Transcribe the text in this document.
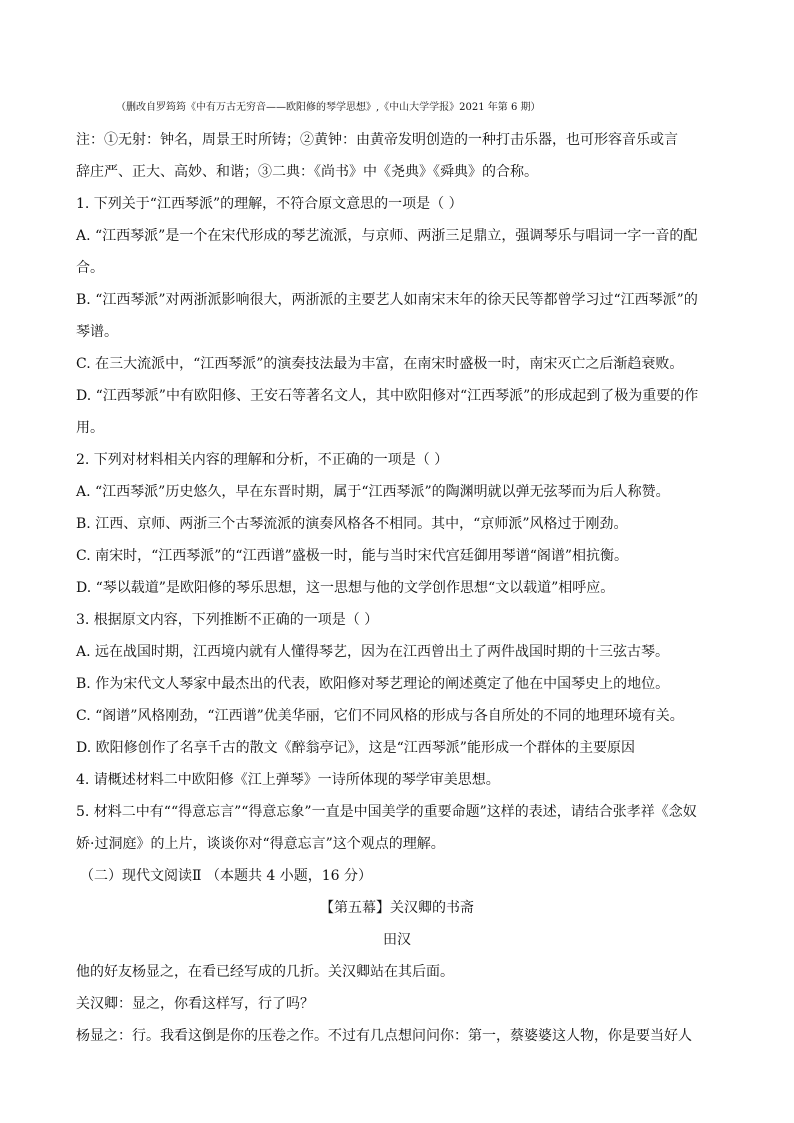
（删改自罗筠筠《中有万古无穷音——欧阳修的琴学思想》,《中山大学学报》2021 年第 6 期）
注：①无射：钟名，周景王时所铸；②黄钟：由黄帝发明创造的一种打击乐器，也可形容音乐或言
辞庄严、正大、高妙、和谐；③二典：《尚书》中《尧典》《舜典》的合称。
1. 下列关于“江西琴派”的理解，不符合原文意思的一项是（ ）
A. “江西琴派”是一个在宋代形成的琴艺流派，与京师、两浙三足鼎立，强调琴乐与唱词一字一音的配
合。
B. “江西琴派”对两浙派影响很大，两浙派的主要艺人如南宋末年的徐天民等都曾学习过“江西琴派”的
琴谱。
C. 在三大流派中，“江西琴派”的演奏技法最为丰富，在南宋时盛极一时，南宋灭亡之后渐趋衰败。
D. “江西琴派”中有欧阳修、王安石等著名文人，其中欧阳修对“江西琴派”的形成起到了极为重要的作
用。
2. 下列对材料相关内容的理解和分析，不正确的一项是（ ）
A. “江西琴派”历史悠久，早在东晋时期，属于“江西琴派”的陶渊明就以弹无弦琴而为后人称赞。
B. 江西、京师、两浙三个古琴流派的演奏风格各不相同。其中，“京师派”风格过于刚劲。
C. 南宋时，“江西琴派”的“江西谱”盛极一时，能与当时宋代宫廷御用琴谱“阁谱”相抗衡。
D. “琴以载道”是欧阳修的琴乐思想，这一思想与他的文学创作思想“文以载道”相呼应。
3. 根据原文内容，下列推断不正确的一项是（ ）
A. 远在战国时期，江西境内就有人懂得琴艺，因为在江西曾出土了两件战国时期的十三弦古琴。
B. 作为宋代文人琴家中最杰出的代表，欧阳修对琴艺理论的阐述奠定了他在中国琴史上的地位。
C. “阁谱”风格刚劲，“江西谱”优美华丽，它们不同风格的形成与各自所处的不同的地理环境有关。
D. 欧阳修创作了名享千古的散文《醉翁亭记》，这是“江西琴派”能形成一个群体的主要原因
4. 请概述材料二中欧阳修《江上弹琴》一诗所体现的琴学审美思想。
5. 材料二中有““得意忘言”“得意忘象”一直是中国美学的重要命题”这样的表述，请结合张孝祥《念奴
娇·过洞庭》的上片，谈谈你对“得意忘言”这个观点的理解。
（二）现代文阅读Ⅱ （本题共 4 小题，16 分）
【第五幕】关汉卿的书斋
田汉
他的好友杨显之，在看已经写成的几折。关汉卿站在其后面。
关汉卿：显之，你看这样写，行了吗？
杨显之：行。我看这倒是你的压卷之作。不过有几点想问问你：第一，蔡婆婆这人物，你是要当好人
